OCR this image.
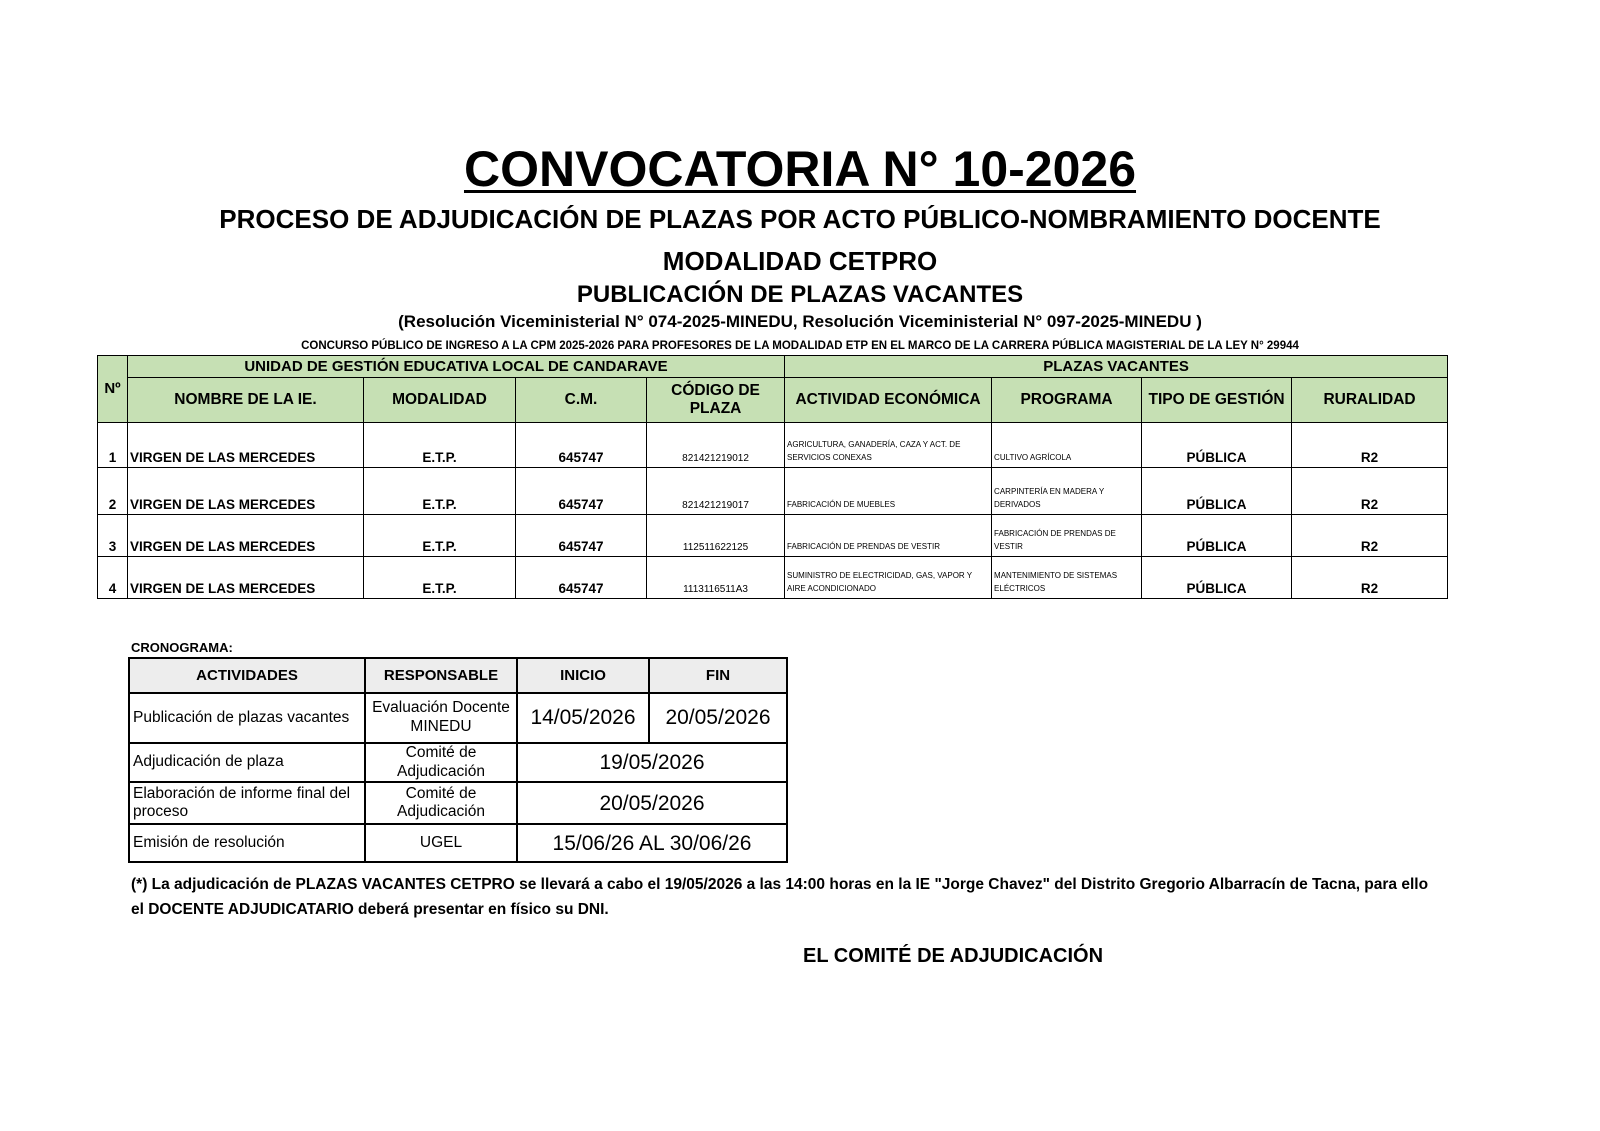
CONVOCATORIA N° 10-2026
PROCESO DE ADJUDICACIÓN DE PLAZAS POR ACTO PÚBLICO-NOMBRAMIENTO DOCENTE
MODALIDAD CETPRO
PUBLICACIÓN DE PLAZAS VACANTES
(Resolución Viceministerial N° 074-2025-MINEDU, Resolución Viceministerial N° 097-2025-MINEDU )
CONCURSO PÚBLICO DE INGRESO A LA CPM 2025-2026 PARA PROFESORES DE LA MODALIDAD ETP EN EL MARCO DE LA CARRERA PÚBLICA MAGISTERIAL DE LA LEY N° 29944
Nº	UNIDAD DE GESTIÓN EDUCATIVA LOCAL DE CANDARAVE				PLAZAS VACANTES			
	NOMBRE DE LA IE.	MODALIDAD	C.M.	CÓDIGO DE PLAZA	ACTIVIDAD ECONÓMICA	PROGRAMA	TIPO DE GESTIÓN	RURALIDAD
1	VIRGEN DE LAS MERCEDES	E.T.P.	645747	821421219012	AGRICULTURA, GANADERÍA, CAZA Y ACT. DE SERVICIOS CONEXAS	CULTIVO AGRÍCOLA	PÚBLICA	R2
2	VIRGEN DE LAS MERCEDES	E.T.P.	645747	821421219017	FABRICACIÓN DE MUEBLES	CARPINTERÍA EN MADERA Y DERIVADOS	PÚBLICA	R2
3	VIRGEN DE LAS MERCEDES	E.T.P.	645747	112511622125	FABRICACIÓN DE PRENDAS DE VESTIR	FABRICACIÓN DE PRENDAS DE VESTIR	PÚBLICA	R2
4	VIRGEN DE LAS MERCEDES	E.T.P.	645747	1113116511A3	SUMINISTRO DE ELECTRICIDAD, GAS, VAPOR Y AIRE ACONDICIONADO	MANTENIMIENTO DE SISTEMAS ELÉCTRICOS	PÚBLICA	R2
CRONOGRAMA:
ACTIVIDADES	RESPONSABLE	INICIO	FIN
Publicación de plazas vacantes	Evaluación Docente MINEDU	14/05/2026	20/05/2026
Adjudicación de plaza	Comité de Adjudicación	19/05/2026	
Elaboración de informe final del proceso	Comité de Adjudicación	20/05/2026	
Emisión de resolución	UGEL	15/06/26 AL 30/06/26	
(*) La adjudicación de PLAZAS VACANTES CETPRO se llevará a cabo el 19/05/2026 a las 14:00 horas en la IE "Jorge Chavez" del Distrito Gregorio Albarracín de Tacna, para ello el DOCENTE ADJUDICATARIO deberá presentar en físico su DNI.
EL COMITÉ DE ADJUDICACIÓN
